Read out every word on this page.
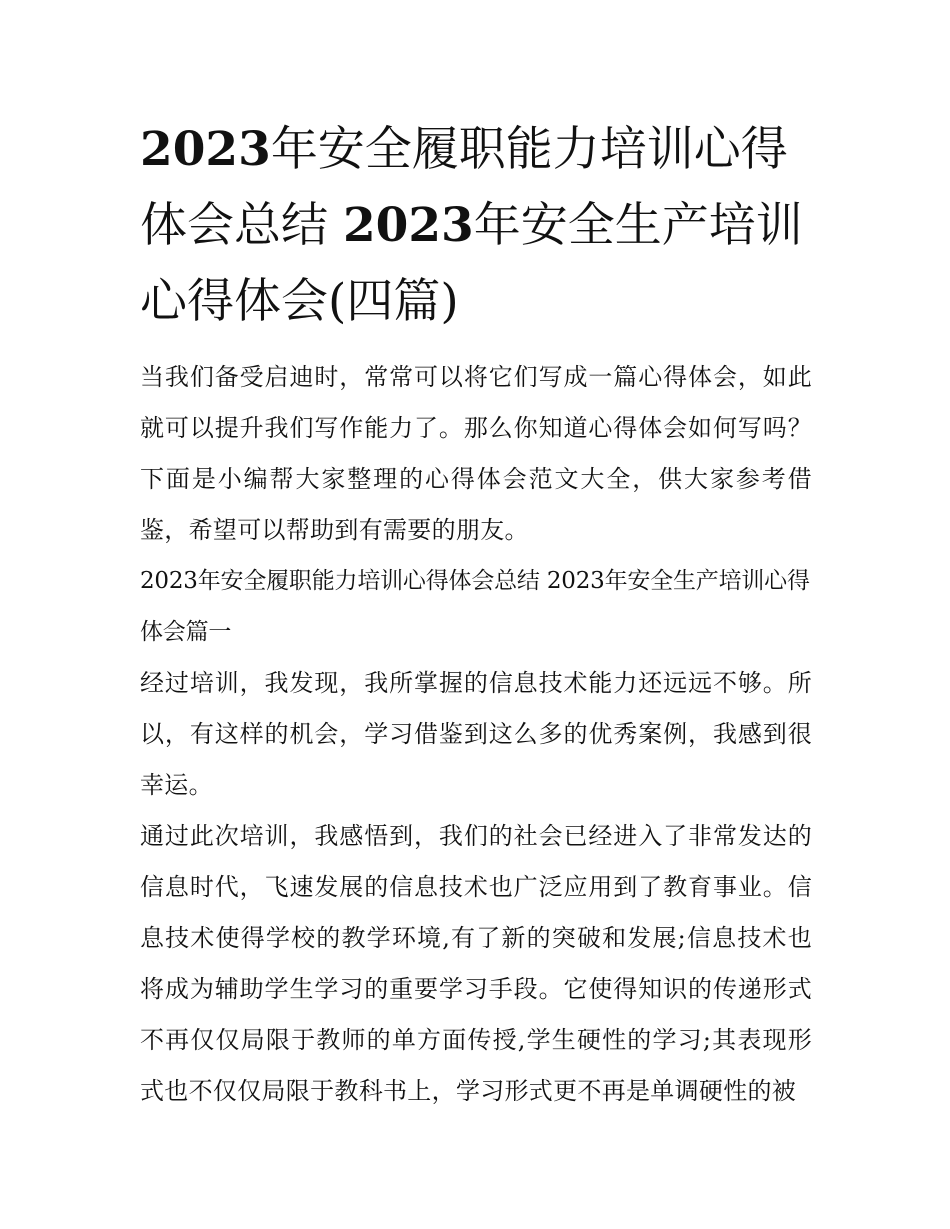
2023年安全履职能力培训心得体会总结 2023年安全生产培训心得体会(四篇)

当我们备受启迪时，常常可以将它们写成一篇心得体会，如此就可以提升我们写作能力了。那么你知道心得体会如何写吗？下面是小编帮大家整理的心得体会范文大全，供大家参考借鉴，希望可以帮助到有需要的朋友。

2023年安全履职能力培训心得体会总结 2023年安全生产培训心得体会篇一

经过培训，我发现，我所掌握的信息技术能力还远远不够。所以，有这样的机会，学习借鉴到这么多的优秀案例，我感到很幸运。

通过此次培训，我感悟到，我们的社会已经进入了非常发达的信息时代，飞速发展的信息技术也广泛应用到了教育事业。信息技术使得学校的教学环境,有了新的突破和发展;信息技术也将成为辅助学生学习的重要学习手段。它使得知识的传递形式不再仅仅局限于教师的单方面传授,学生硬性的学习;其表现形式也不仅仅局限于教科书上，学习形式更不再是单调硬性的被
